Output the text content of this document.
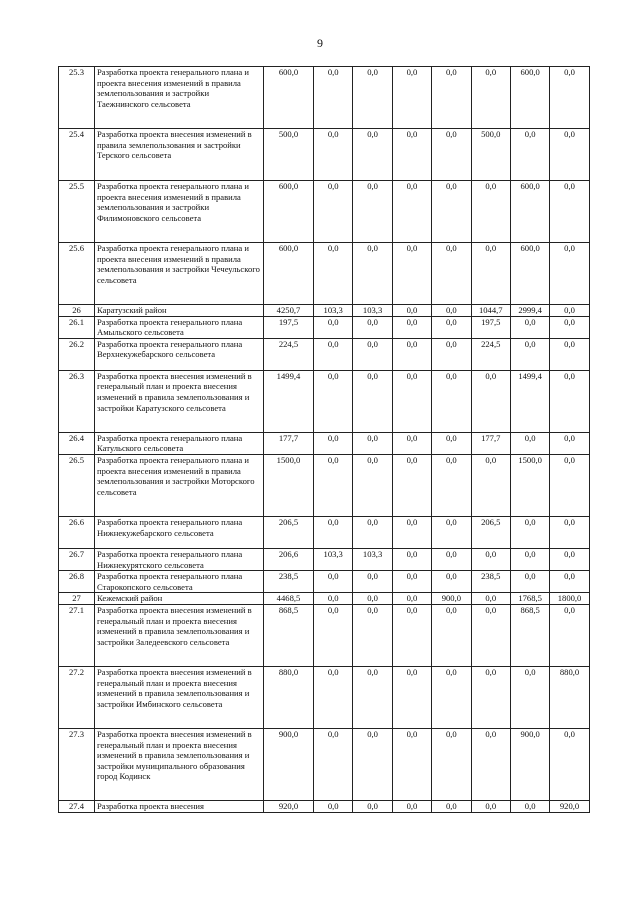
9
25.3	Разработка проекта генерального плана и проекта внесения изменений в правила землепользования и застройки Таежнинского сельсовета	600,0	0,0	0,0	0,0	0,0	0,0	600,0	0,0
25.4	Разработка проекта внесения изменений в правила землепользования и застройки Терского сельсовета	500,0	0,0	0,0	0,0	0,0	500,0	0,0	0,0
25.5	Разработка проекта генерального плана и проекта внесения изменений в правила землепользования и застройки Филимоновского сельсовета	600,0	0,0	0,0	0,0	0,0	0,0	600,0	0,0
25.6	Разработка проекта генерального плана и проекта внесения изменений в правила землепользования и застройки Чечеульского сельсовета	600,0	0,0	0,0	0,0	0,0	0,0	600,0	0,0
26	Каратузский район	4250,7	103,3	103,3	0,0	0,0	1044,7	2999,4	0,0
26.1	Разработка проекта генерального плана Амыльского сельсовета	197,5	0,0	0,0	0,0	0,0	197,5	0,0	0,0
26.2	Разработка проекта генерального плана Верхнекужебарского сельсовета	224,5	0,0	0,0	0,0	0,0	224,5	0,0	0,0
26.3	Разработка проекта внесения изменений в генеральный план и проекта внесения изменений в правила землепользования и застройки Каратузского сельсовета	1499,4	0,0	0,0	0,0	0,0	0,0	1499,4	0,0
26.4	Разработка проекта генерального плана Катульского сельсовета	177,7	0,0	0,0	0,0	0,0	177,7	0,0	0,0
26.5	Разработка проекта генерального плана и проекта внесения изменений в правила землепользования и застройки Моторского сельсовета	1500,0	0,0	0,0	0,0	0,0	0,0	1500,0	0,0
26.6	Разработка проекта генерального плана Нижнекужебарского сельсовета	206,5	0,0	0,0	0,0	0,0	206,5	0,0	0,0
26.7	Разработка проекта генерального плана Нижнекурятского сельсовета	206,6	103,3	103,3	0,0	0,0	0,0	0,0	0,0
26.8	Разработка проекта генерального плана Старокопского сельсовета	238,5	0,0	0,0	0,0	0,0	238,5	0,0	0,0
27	Кежемский район	4468,5	0,0	0,0	0,0	900,0	0,0	1768,5	1800,0
27.1	Разработка проекта внесения изменений в генеральный план и проекта внесения изменений в правила землепользования и застройки Заледеевского сельсовета	868,5	0,0	0,0	0,0	0,0	0,0	868,5	0,0
27.2	Разработка проекта внесения изменений в генеральный план и проекта внесения изменений в правила землепользования и застройки Имбинского сельсовета	880,0	0,0	0,0	0,0	0,0	0,0	0,0	880,0
27.3	Разработка проекта внесения изменений в генеральный план и проекта внесения изменений в правила землепользования и застройки муниципального образования город Кодинск	900,0	0,0	0,0	0,0	0,0	0,0	900,0	0,0
27.4	Разработка проекта внесения	920,0	0,0	0,0	0,0	0,0	0,0	0,0	920,0
